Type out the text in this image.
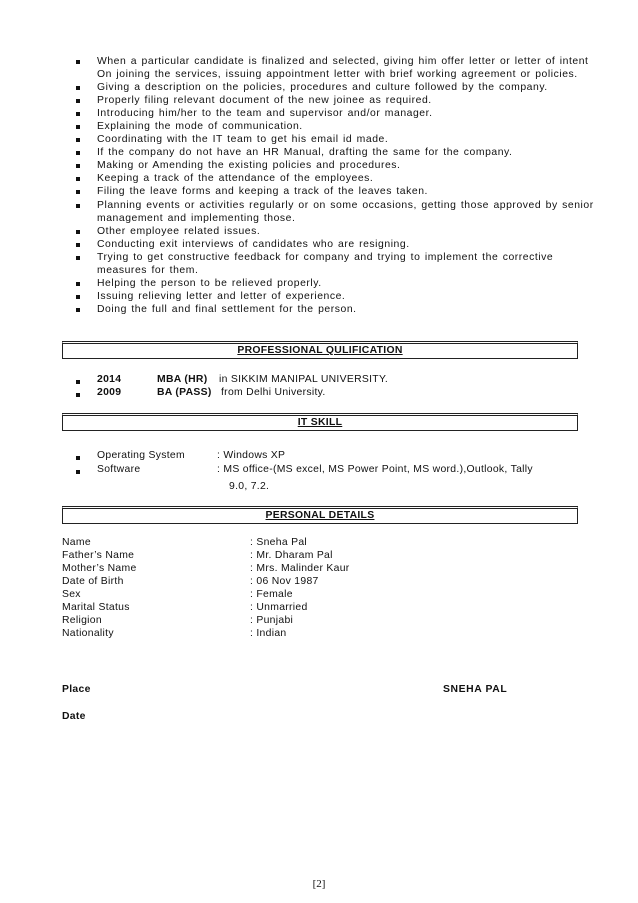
When a particular candidate is finalized and selected, giving him offer letter or letter of intent On joining the services, issuing appointment letter with brief working agreement or policies.
Giving a description on the policies, procedures and culture followed by the company.
Properly filing relevant document of the new joinee as required.
Introducing him/her to the team and supervisor and/or manager.
Explaining the mode of communication.
Coordinating with the IT team to get his email id made.
If the company do not have an HR Manual, drafting the same for the company.
Making or Amending the existing policies and procedures.
Keeping a track of the attendance of the employees.
Filing the leave forms and keeping a track of the leaves taken.
Planning events or activities regularly or on some occasions, getting those approved by senior management and implementing those.
Other employee related issues.
Conducting exit interviews of candidates who are resigning.
Trying to get constructive feedback for company and trying to implement the corrective measures for them.
Helping the person to be relieved properly.
Issuing relieving letter and letter of experience.
Doing the full and final settlement for the person.
PROFESSIONAL QULIFICATION
2014	MBA (HR) in SIKKIM MANIPAL UNIVERSITY.
2009	BA (PASS) from Delhi University.
IT SKILL
Operating System	: Windows XP
Software	: MS office-(MS excel, MS Power Point, MS word.),Outlook, Tally
9.0, 7.2.
PERSONAL DETAILS
Name	: Sneha Pal
Father’s Name	: Mr. Dharam Pal
Mother’s Name	: Mrs. Malinder Kaur
Date of Birth	: 06 Nov 1987
Sex	: Female
Marital Status	: Unmarried
Religion	: Punjabi
Nationality	: Indian
Place	SNEHA PAL
Date
[2]
